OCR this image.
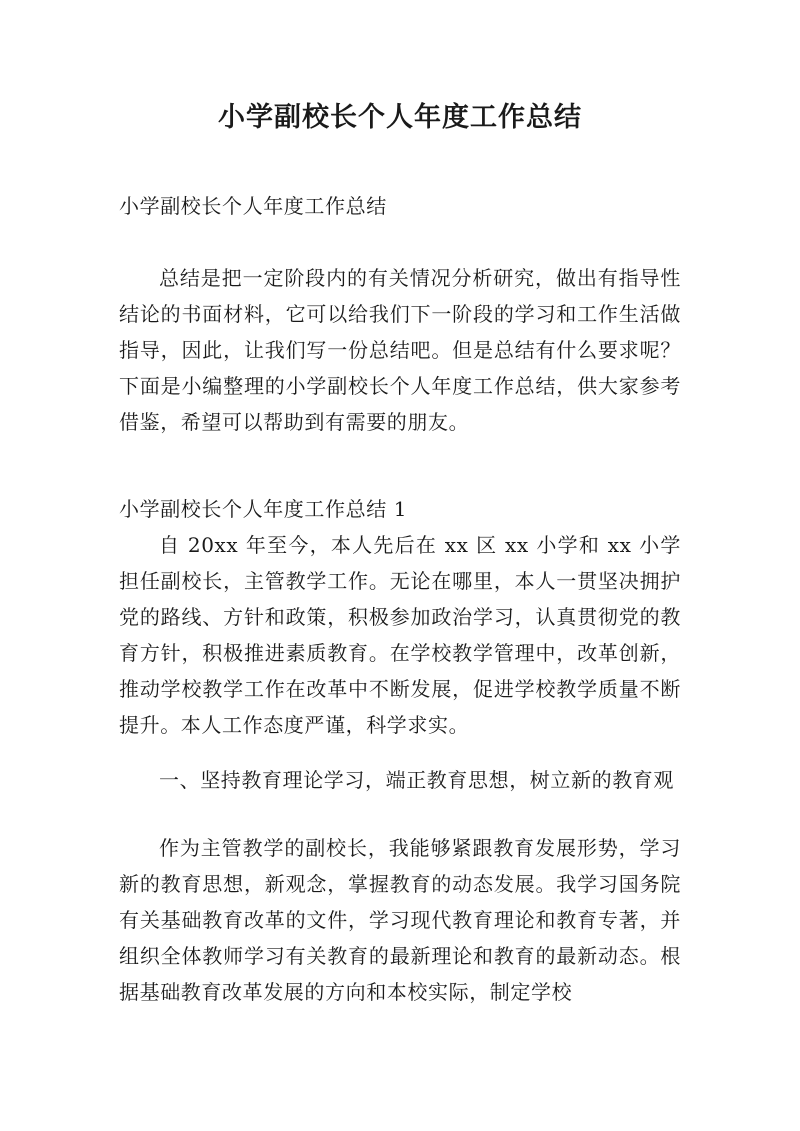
小学副校长个人年度工作总结

小学副校长个人年度工作总结

总结是把一定阶段内的有关情况分析研究，做出有指导性结论的书面材料，它可以给我们下一阶段的学习和工作生活做指导，因此，让我们写一份总结吧。但是总结有什么要求呢？下面是小编整理的小学副校长个人年度工作总结，供大家参考借鉴，希望可以帮助到有需要的朋友。

小学副校长个人年度工作总结 1

自 20xx 年至今，本人先后在 xx 区 xx 小学和 xx 小学担任副校长，主管教学工作。无论在哪里，本人一贯坚决拥护党的路线、方针和政策，积极参加政治学习，认真贯彻党的教育方针，积极推进素质教育。在学校教学管理中，改革创新，推动学校教学工作在改革中不断发展，促进学校教学质量不断提升。本人工作态度严谨，科学求实。

一、坚持教育理论学习，端正教育思想，树立新的教育观

作为主管教学的副校长，我能够紧跟教育发展形势，学习新的教育思想，新观念，掌握教育的动态发展。我学习国务院有关基础教育改革的文件，学习现代教育理论和教育专著，并组织全体教师学习有关教育的最新理论和教育的最新动态。根据基础教育改革发展的方向和本校实际，制定学校
